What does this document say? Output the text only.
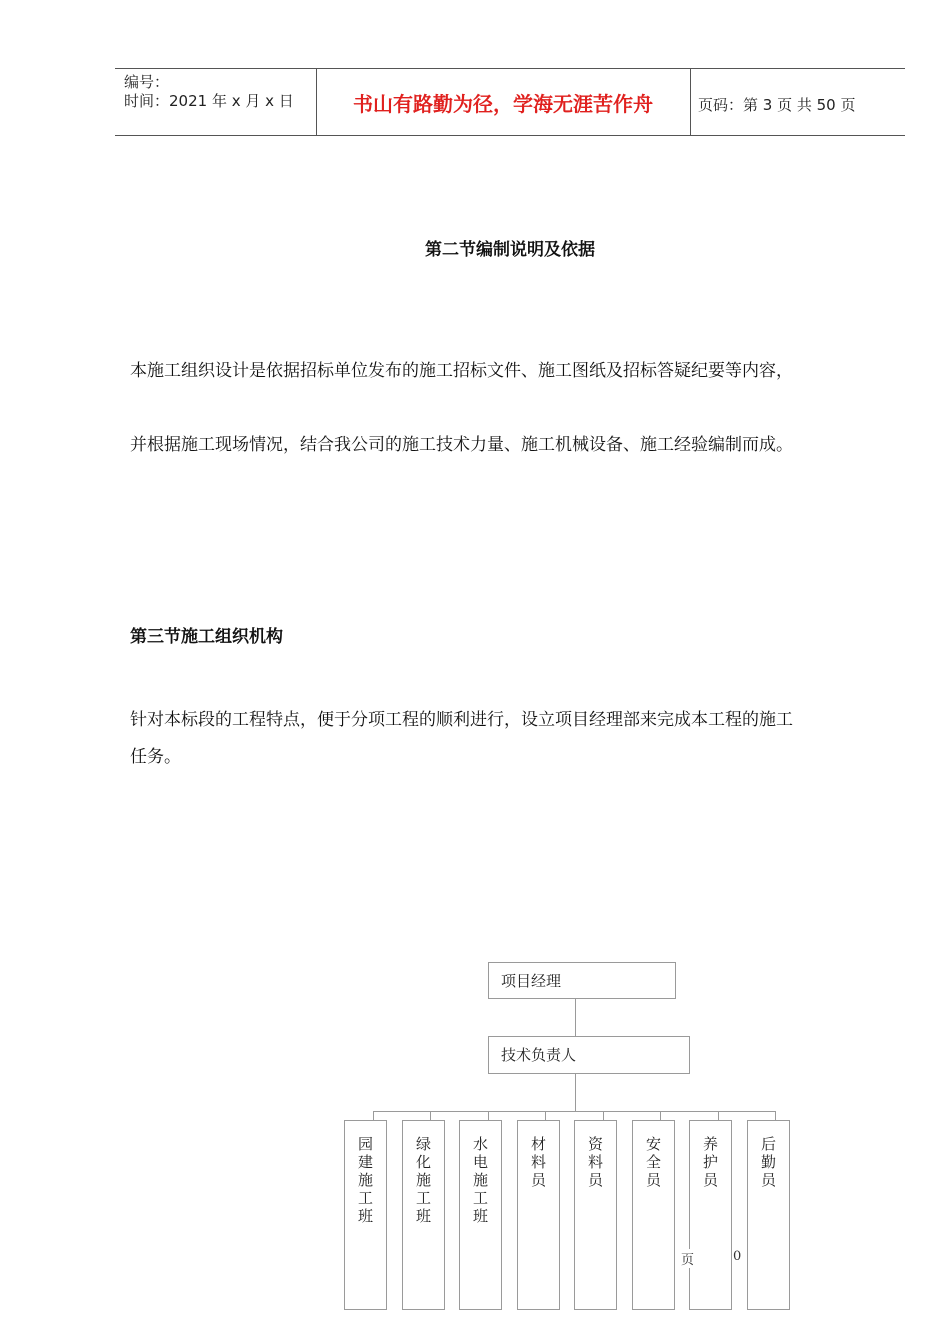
编号：
时间：2021 年 x 月 x 日	书山有路勤为径，学海无涯苦作舟	页码：第 3 页 共 50 页
第二节编制说明及依据
本施工组织设计是依据招标单位发布的施工招标文件、施工图纸及招标答疑纪要等内容，
并根据施工现场情况，结合我公司的施工技术力量、施工机械设备、施工经验编制而成。
第三节施工组织机构
针对本标段的工程特点，便于分项工程的顺利进行，设立项目经理部来完成本工程的施工
任务。
项目经理
技术负责人
园建施工班
绿化施工班
水电施工班
材料员
资料员
安全员
养护员
后勤员
页	0
